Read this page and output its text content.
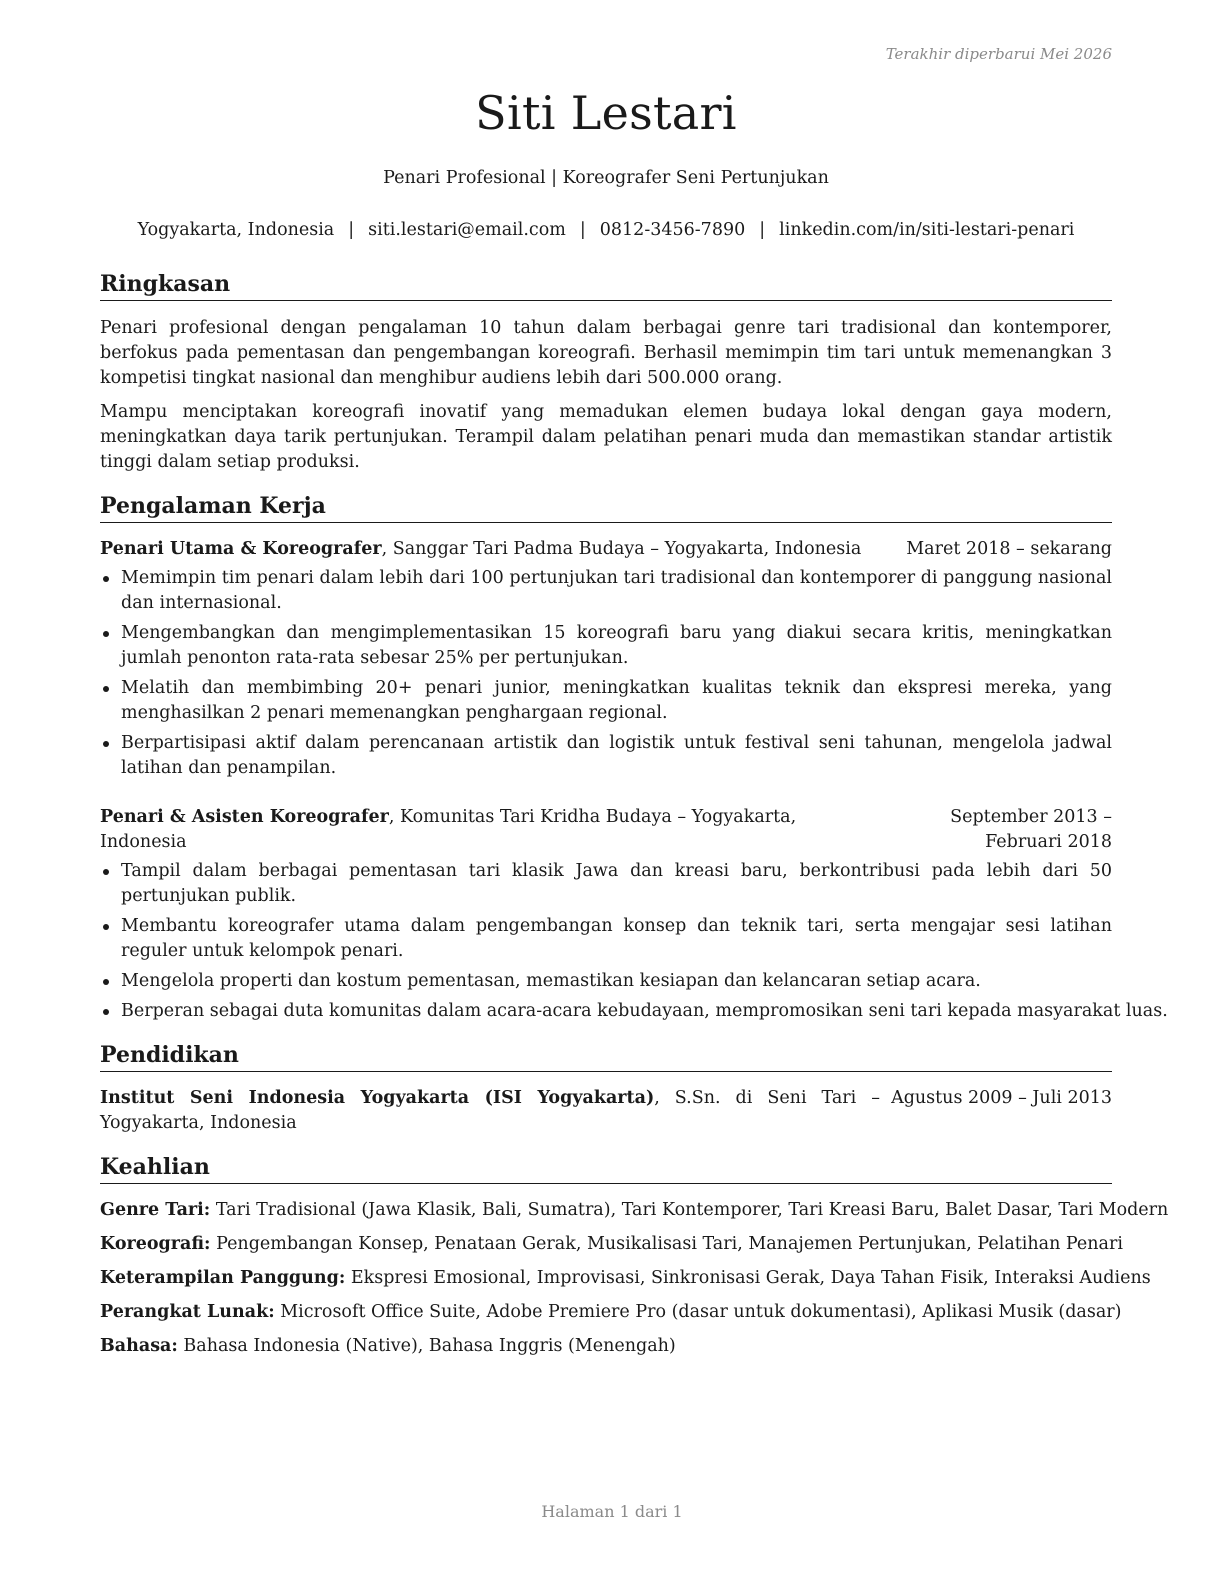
Terakhir diperbarui Mei 2026
Siti Lestari
Penari Profesional | Koreografer Seni Pertunjukan
Yogyakarta, Indonesia | siti.lestari@email.com | 0812-3456-7890 | linkedin.com/in/siti-lestari-penari
Ringkasan

Penari profesional dengan pengalaman 10 tahun dalam berbagai genre tari tradisional dan kontemporer, berfokus pada pementasan dan pengembangan koreografi. Berhasil memimpin tim tari untuk memenangkan 3 kompetisi tingkat nasional dan menghibur audiens lebih dari 500.000 orang.

Mampu menciptakan koreografi inovatif yang memadukan elemen budaya lokal dengan gaya modern, meningkatkan daya tarik pertunjukan. Terampil dalam pelatihan penari muda dan memastikan standar artistik tinggi dalam setiap produksi.

Pengalaman Kerja
Penari Utama & Koreografer, Sanggar Tari Padma Budaya – Yogyakarta, Indonesia	Maret 2018 – sekarang
Memimpin tim penari dalam lebih dari 100 pertunjukan tari tradisional dan kontemporer di panggung nasional dan internasional.
Mengembangkan dan mengimplementasikan 15 koreografi baru yang diakui secara kritis, meningkatkan jumlah penonton rata-rata sebesar 25% per pertunjukan.
Melatih dan membimbing 20+ penari junior, meningkatkan kualitas teknik dan ekspresi mereka, yang menghasilkan 2 penari memenangkan penghargaan regional.
Berpartisipasi aktif dalam perencanaan artistik dan logistik untuk festival seni tahunan, mengelola jadwal latihan dan penampilan.
Penari & Asisten Koreografer, Komunitas Tari Kridha Budaya – Yogyakarta, Indonesia
September 2013 – Februari 2018
Tampil dalam berbagai pementasan tari klasik Jawa dan kreasi baru, berkontribusi pada lebih dari 50 pertunjukan publik.
Membantu koreografer utama dalam pengembangan konsep dan teknik tari, serta mengajar sesi latihan reguler untuk kelompok penari.
Mengelola properti dan kostum pementasan, memastikan kesiapan dan kelancaran setiap acara.
Berperan sebagai duta komunitas dalam acara-acara kebudayaan, mempromosikan seni tari kepada masyarakat luas.
Pendidikan
Institut Seni Indonesia Yogyakarta (ISI Yogyakarta), S.Sn. di Seni Tari – Yogyakarta, Indonesia
Agustus 2009 – Juli 2013
Keahlian
Genre Tari: Tari Tradisional (Jawa Klasik, Bali, Sumatra), Tari Kontemporer, Tari Kreasi Baru, Balet Dasar, Tari Modern
Koreografi: Pengembangan Konsep, Penataan Gerak, Musikalisasi Tari, Manajemen Pertunjukan, Pelatihan Penari
Keterampilan Panggung: Ekspresi Emosional, Improvisasi, Sinkronisasi Gerak, Daya Tahan Fisik, Interaksi Audiens
Perangkat Lunak: Microsoft Office Suite, Adobe Premiere Pro (dasar untuk dokumentasi), Aplikasi Musik (dasar)
Bahasa: Bahasa Indonesia (Native), Bahasa Inggris (Menengah)
Halaman 1 dari 1
